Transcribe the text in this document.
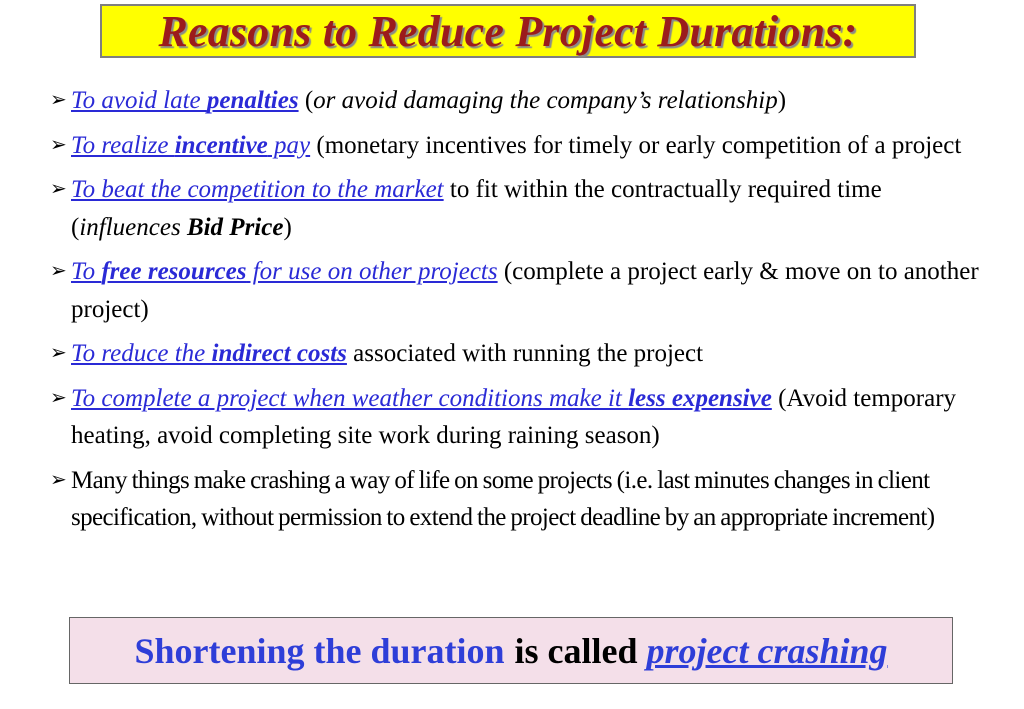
Reasons to Reduce Project Durations:
➢ To avoid late penalties (or avoid damaging the company’s relationship)
➢ To realize incentive pay (monetary incentives for timely or early competition of a project
➢ To beat the competition to the market to fit within the contractually required time (influences Bid Price)
➢ To free resources for use on other projects (complete a project early & move on to another project)
➢ To reduce the indirect costs associated with running the project
➢ To complete a project when weather conditions make it less expensive (Avoid temporary heating, avoid completing site work during raining season)
➢ Many things make crashing a way of life on some projects (i.e. last minutes changes in client specification, without permission to extend the project deadline by an appropriate increment)
Shortening the duration is called project crashing
